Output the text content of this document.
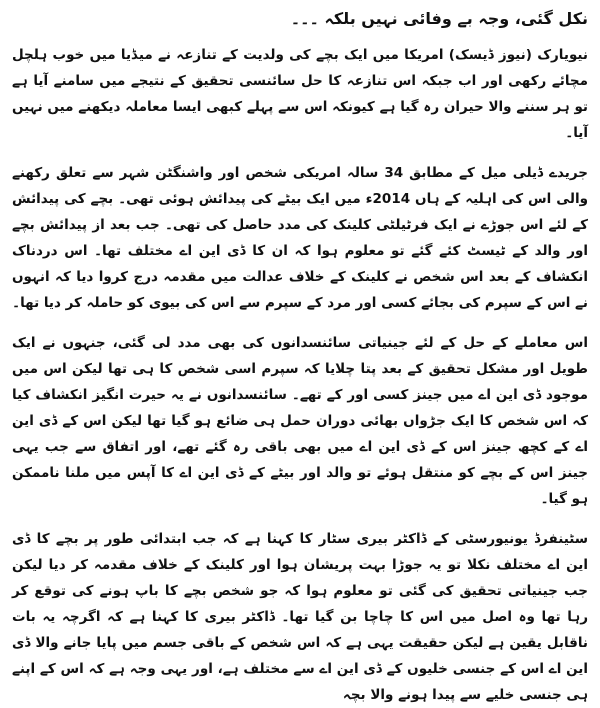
نکل گئی، وجہ بے وفائی نہیں بلکہ ۔۔۔

نیویارک (نیوز ڈیسک) امریکا میں ایک بچے کی ولدیت کے تنازعہ نے میڈیا میں خوب ہلچل مچائے رکھی اور اب جبکہ اس تنازعہ کا حل سائنسی تحقیق کے نتیجے میں سامنے آیا ہے تو ہر سننے والا حیران رہ گیا ہے کیونکہ اس سے پہلے کبھی ایسا معاملہ دیکھنے میں نہیں آیا۔

جریدے ڈیلی میل کے مطابق 34 سالہ امریکی شخص اور واشنگٹن شہر سے تعلق رکھنے والی اس کی اہلیہ کے ہاں 2014ء میں ایک بیٹے کی پیدائش ہوئی تھی۔ بچے کی پیدائش کے لئے اس جوڑے نے ایک فرٹیلٹی کلینک کی مدد حاصل کی تھی۔ جب بعد از پیدائش بچے اور والد کے ٹیسٹ کئے گئے تو معلوم ہوا کہ ان کا ڈی این اے مختلف تھا۔ اس دردناک انکشاف کے بعد اس شخص نے کلینک کے خلاف عدالت میں مقدمہ درج کروا دیا کہ انہوں نے اس کے سپرم کی بجائے کسی اور مرد کے سپرم سے اس کی بیوی کو حاملہ کر دیا تھا۔

اس معاملے کے حل کے لئے جینیاتی سائنسدانوں کی بھی مدد لی گئی، جنہوں نے ایک طویل اور مشکل تحقیق کے بعد پتا چلایا کہ سپرم اسی شخص کا ہی تھا لیکن اس میں موجود ڈی این اے میں جینز کسی اور کے تھے۔ سائنسدانوں نے یہ حیرت انگیز انکشاف کیا کہ اس شخص کا ایک جڑواں بھائی دوران حمل ہی ضائع ہو گیا تھا لیکن اس کے ڈی این اے کے کچھ جینز اس کے ڈی این اے میں بھی باقی رہ گئے تھے، اور اتفاق سے جب یہی جینز اس کے بچے کو منتقل ہوئے تو والد اور بیٹے کے ڈی این اے کا آپس میں ملنا ناممکن ہو گیا۔

سٹینفرڈ یونیورسٹی کے ڈاکٹر بیری سٹار کا کہنا ہے کہ جب ابتدائی طور پر بچے کا ڈی این اے مختلف نکلا تو یہ جوڑا بہت پریشان ہوا اور کلینک کے خلاف مقدمہ کر دیا لیکن جب جینیاتی تحقیق کی گئی تو معلوم ہوا کہ جو شخص بچے کا باپ ہونے کی توقع کر رہا تھا وہ اصل میں اس کا چاچا بن گیا تھا۔ ڈاکٹر بیری کا کہنا ہے کہ اگرچہ یہ بات ناقابل یقین ہے لیکن حقیقت یہی ہے کہ اس شخص کے باقی جسم میں پایا جانے والا ڈی این اے اس کے جنسی خلیوں کے ڈی این اے سے مختلف ہے، اور یہی وجہ ہے کہ اس کے اپنے ہی جنسی خلیے سے پیدا ہونے والا بچہ
